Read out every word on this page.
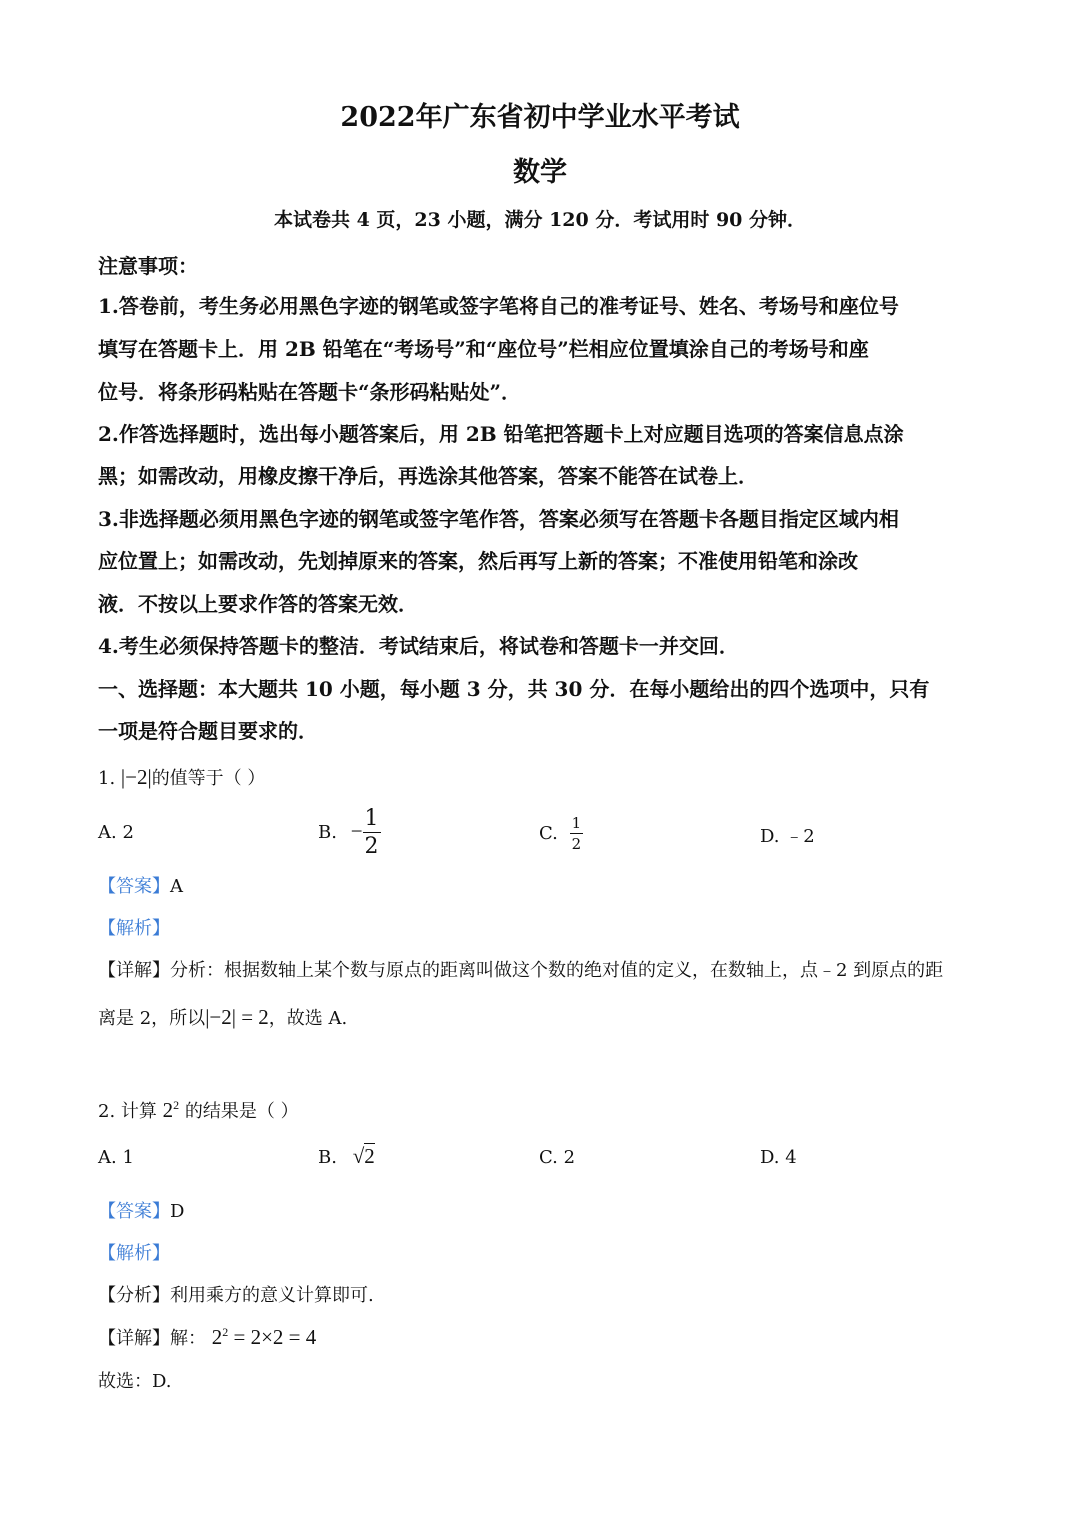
2022年广东省初中学业水平考试
数学
本试卷共 4 页，23 小题，满分 120 分．考试用时 90 分钟．
注意事项：
1.答卷前，考生务必用黑色字迹的钢笔或签字笔将自己的准考证号、姓名、考场号和座位号
填写在答题卡上．用 2B 铅笔在“考场号”和“座位号”栏相应位置填涂自己的考场号和座
位号．将条形码粘贴在答题卡“条形码粘贴处”．
2.作答选择题时，选出每小题答案后，用 2B 铅笔把答题卡上对应题目选项的答案信息点涂
黑；如需改动，用橡皮擦干净后，再选涂其他答案，答案不能答在试卷上．
3.非选择题必须用黑色字迹的钢笔或签字笔作答，答案必须写在答题卡各题目指定区域内相
应位置上；如需改动，先划掉原来的答案，然后再写上新的答案；不准使用铅笔和涂改
液．不按以上要求作答的答案无效．
4.考生必须保持答题卡的整洁．考试结束后，将试卷和答题卡一并交回．
一、选择题：本大题共 10 小题，每小题 3 分，共 30 分．在每小题给出的四个选项中，只有
一项是符合题目要求的．
1. |−2|的值等于（ ）
A. 2	B. − $\frac{1}{2}$	C. $\frac{1}{2}$	D. ﹣2
【答案】A
【解析】
【详解】分析：根据数轴上某个数与原点的距离叫做这个数的绝对值的定义，在数轴上，点﹣2 到原点的距
离是 2，所以|−2| = 2，故选 A.
2. 计算 $2^2$ 的结果是（ ）
A. 1	B. √2	C. 2	D. 4
【答案】D
【解析】
【分析】利用乘方的意义计算即可.
【详解】解： $2^2 = 2\times 2 = 4$
故选：D.
